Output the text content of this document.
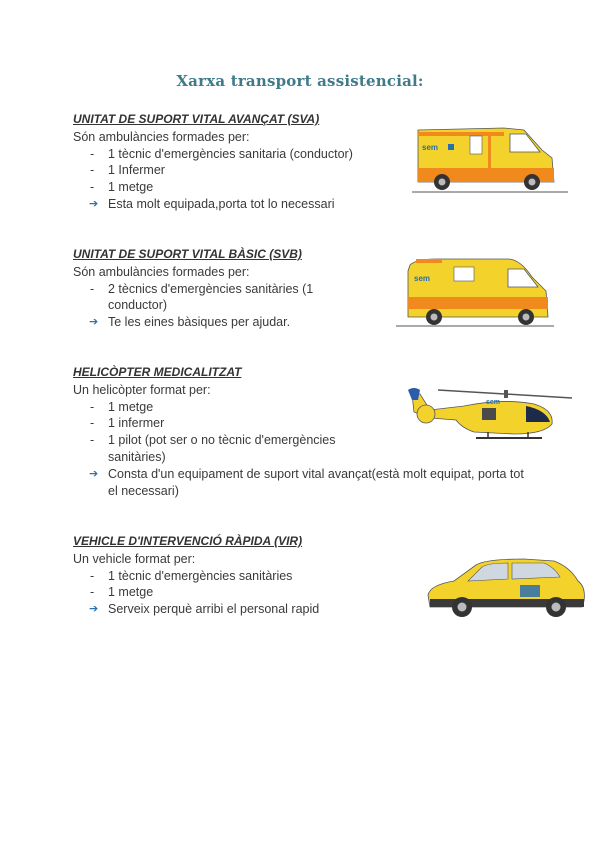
Xarxa transport assistencial:
UNITAT DE SUPORT VITAL AVANÇAT (SVA)
Són ambulàncies formades per:
- 1 tècnic d'emergències sanitaria (conductor)
- 1 Infermer
- 1 metge
➔ Esta molt equipada,porta tot lo necessari
UNITAT DE SUPORT VITAL BÀSIC (SVB)
Són ambulàncies formades per:
- 2 tècnics d'emergències sanitàries (1 conductor)
➔ Te les eines bàsiques per ajudar.
HELICÒPTER MEDICALITZAT
Un helicòpter format per:
- 1 metge
- 1 infermer
- 1 pilot (pot ser o no tècnic d'emergències sanitàries)
➔ Consta d'un equipament de suport vital avançat(està molt equipat, porta tot el necessari)
VEHICLE D'INTERVENCIÓ RÀPIDA (VIR)
Un vehicle format per:
- 1 tècnic d'emergències sanitàries
- 1 metge
➔ Serveix perquè arribi el personal rapid
sem
sem
sem
